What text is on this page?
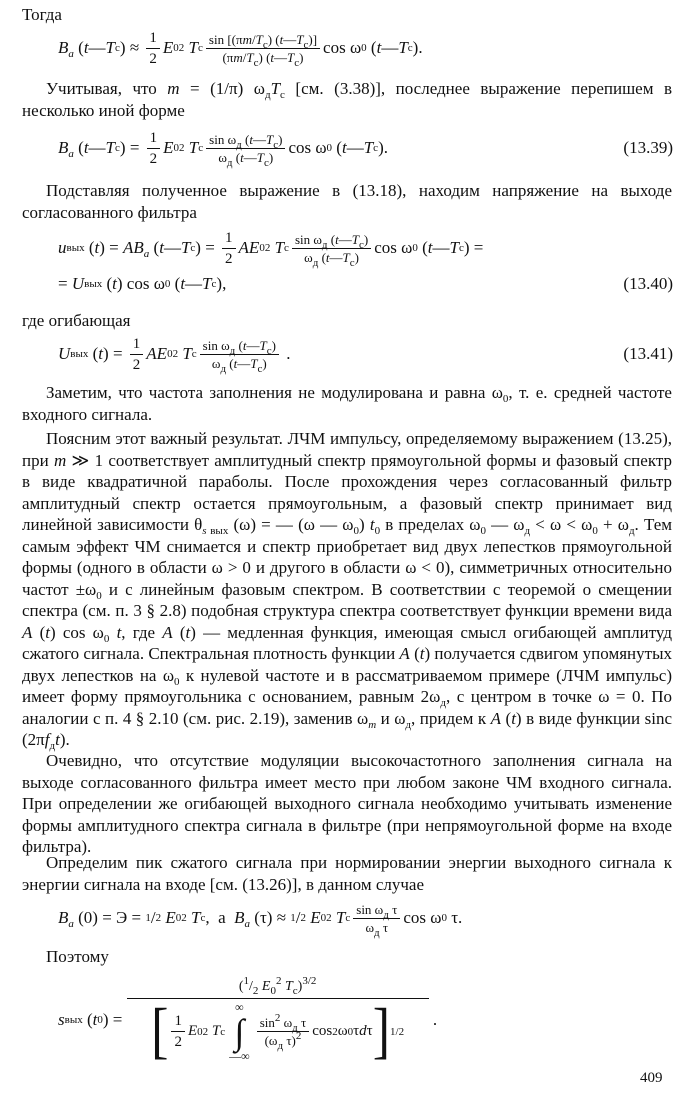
Тогда

$B_a$ ( t — T c ) ≈ $\frac{1}{2}$ E 0 2
T c $\frac{\sin [(\pi m/T_c) (t—T_c)]}{(\pi m/T_c) (t—T_c)}$ cos ω 0 ( t — T c ).

Учитывая, что m = (1/π) $\omega_дT_c$ [см. (3.38)], последнее выражение перепишем в несколько иной форме

$B_a$ ( t — T c ) = $\frac{1}{2}$ E 0 2
T c $\frac{\sin \omega_д (t—T_c)}{\omega_д (t—T_c)}$ cos ω 0 ( t — T c ).	(13.39)

Подставляя полученное выражение в (13.18), находим напряжение на выходе согласованного фильтра

u вых ( t ) = $AB_a$ ( t — T c ) = $\frac{1}{2}$ AE 0 2
T c $\frac{\sin \omega_д (t—T_c)}{\omega_д (t—T_c)}$ cos ω 0 ( t — T c ) =
= U вых ( t ) cos ω 0 ( t — T c ),	(13.40)

где огибающая

U вых ( t ) = $\frac{1}{2}$ AE 0 2
T c $\frac{\sin \omega_д (t—T_c)}{\omega_д (t—T_c)}$ .	(13.41)

Заметим, что частота заполнения не модулирована и равна $\omega_0$, т. е. средней частоте входного сигнала.

Поясним этот важный результат. ЛЧМ импульсу, определяемому выражением (13.25), при m ≫ 1 соответствует амплитудный спектр прямоугольной формы и фазовый спектр в виде квадратичной параболы. После прохождения через согласованный фильтр амплитудный спектр остается прямоугольным, а фазовый спектр принимает вид линейной зависимости $\theta_{s вых}$ (ω) = — (ω — $\omega_0$) $t_0$ в пределах $\omega_0$ — $\omega_д < \omega < \omega_0 + \omega_д$. Тем самым эффект ЧМ снимается и спектр приобретает вид двух лепестков прямоугольной формы (одного в области ω > 0 и другого в области ω < 0), симметричных относительно частот $\pm\omega_0$ и с линейным фазовым спектром. В соответствии с теоремой о смещении спектра (см. п. 3 § 2.8) подобная структура спектра соответствует функции времени вида A (t) $\cos \omega_0$ t, где A (t) — медленная функция, имеющая смысл огибающей амплитуд сжатого сигнала. Спектральная плотность функции A (t) получается сдвигом упомянутых двух лепестков на $\omega_0$ к нулевой частоте и в рассматриваемом примере (ЛЧМ импульс) имеет форму прямоугольника с основанием, равным $2\omega_д$, с центром в точке ω = 0. По аналогии с п. 4 § 2.10 (см. рис. 2.19), заменив $\omega_m$ и $\omega_д$, придем к A (t) в виде функции sinc $(2\pi f_дt)$.

Очевидно, что отсутствие модуляции высокочастотного заполнения сигнала на выходе согласованного фильтра имеет место при любом законе ЧМ входного сигнала. При определении же огибающей выходного сигнала необходимо учитывать изменение формы амплитудного спектра сигнала в фильтре (при непрямоугольной форме на входе фильтра).

Определим пик сжатого сигнала при нормировании энергии выходного сигнала к энергии сигнала на входе [см. (13.26)], в данном случае

$B_a$ (0) = Э = 1 / 2
E 0 2
T c ,  а $B_a$ (τ) ≈ 1 / 2
E 0 2
T c $\frac{\sin \omega_д \tau}{\omega_д \tau}$ cos ω 0 τ.

Поэтому

s вых ( t 0 ) =
($^1/_2$ $E_0^2$ $T_c)^{3/2}$
[ $\frac{1}{2}$ E 0 2
T c
∞
∫
—∞
$\frac{\sin^2 \omega_д \tau}{(\omega_д \tau)^2}$ cos 2 ω 0 τ d τ ] 1/2
.
409
